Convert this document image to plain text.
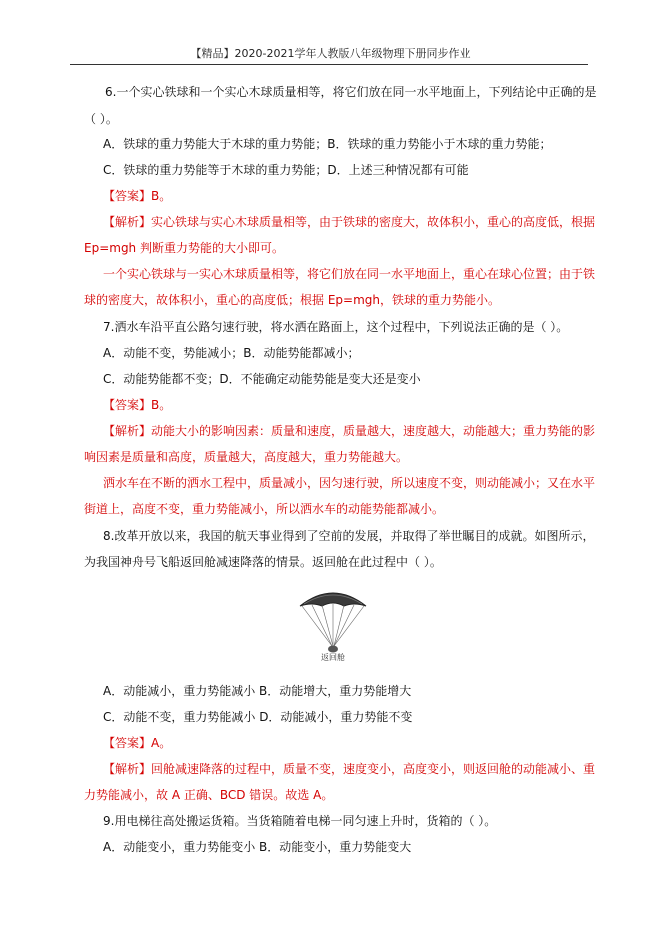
【精品】2020-2021学年人教版八年级物理下册同步作业
6.一个实心铁球和一个实心木球质量相等，将它们放在同一水平地面上，下列结论中正确的是
（ ）。
A．铁球的重力势能大于木球的重力势能；B．铁球的重力势能小于木球的重力势能；
C．铁球的重力势能等于木球的重力势能；D．上述三种情况都有可能
【答案】B。
【解析】实心铁球与实心木球质量相等，由于铁球的密度大，故体积小，重心的高度低，根据
Ep=mgh 判断重力势能的大小即可。
一个实心铁球与一实心木球质量相等，将它们放在同一水平地面上，重心在球心位置；由于铁
球的密度大，故体积小，重心的高度低；根据 Ep=mgh，铁球的重力势能小。
7.洒水车沿平直公路匀速行驶，将水洒在路面上，这个过程中，下列说法正确的是（ ）。
A．动能不变，势能减小；B．动能势能都减小；
C．动能势能都不变；D．不能确定动能势能是变大还是变小
【答案】B。
【解析】动能大小的影响因素：质量和速度，质量越大，速度越大，动能越大；重力势能的影
响因素是质量和高度，质量越大，高度越大，重力势能越大。
洒水车在不断的洒水工程中，质量减小，因匀速行驶，所以速度不变，则动能减小；又在水平
街道上，高度不变，重力势能减小，所以洒水车的动能势能都减小。
8.改革开放以来，我国的航天事业得到了空前的发展，并取得了举世瞩目的成就。如图所示，
为我国神舟号飞船返回舱减速降落的情景。返回舱在此过程中（ ）。
返回舱
A．动能减小，重力势能减小 B．动能增大，重力势能增大
C．动能不变，重力势能减小 D．动能减小，重力势能不变
【答案】A。
【解析】回舱减速降落的过程中，质量不变，速度变小，高度变小，则返回舱的动能减小、重
力势能减小，故 A 正确、BCD 错误。故选 A。
9.用电梯往高处搬运货箱。当货箱随着电梯一同匀速上升时，货箱的（ ）。
A．动能变小，重力势能变小 B．动能变小，重力势能变大
